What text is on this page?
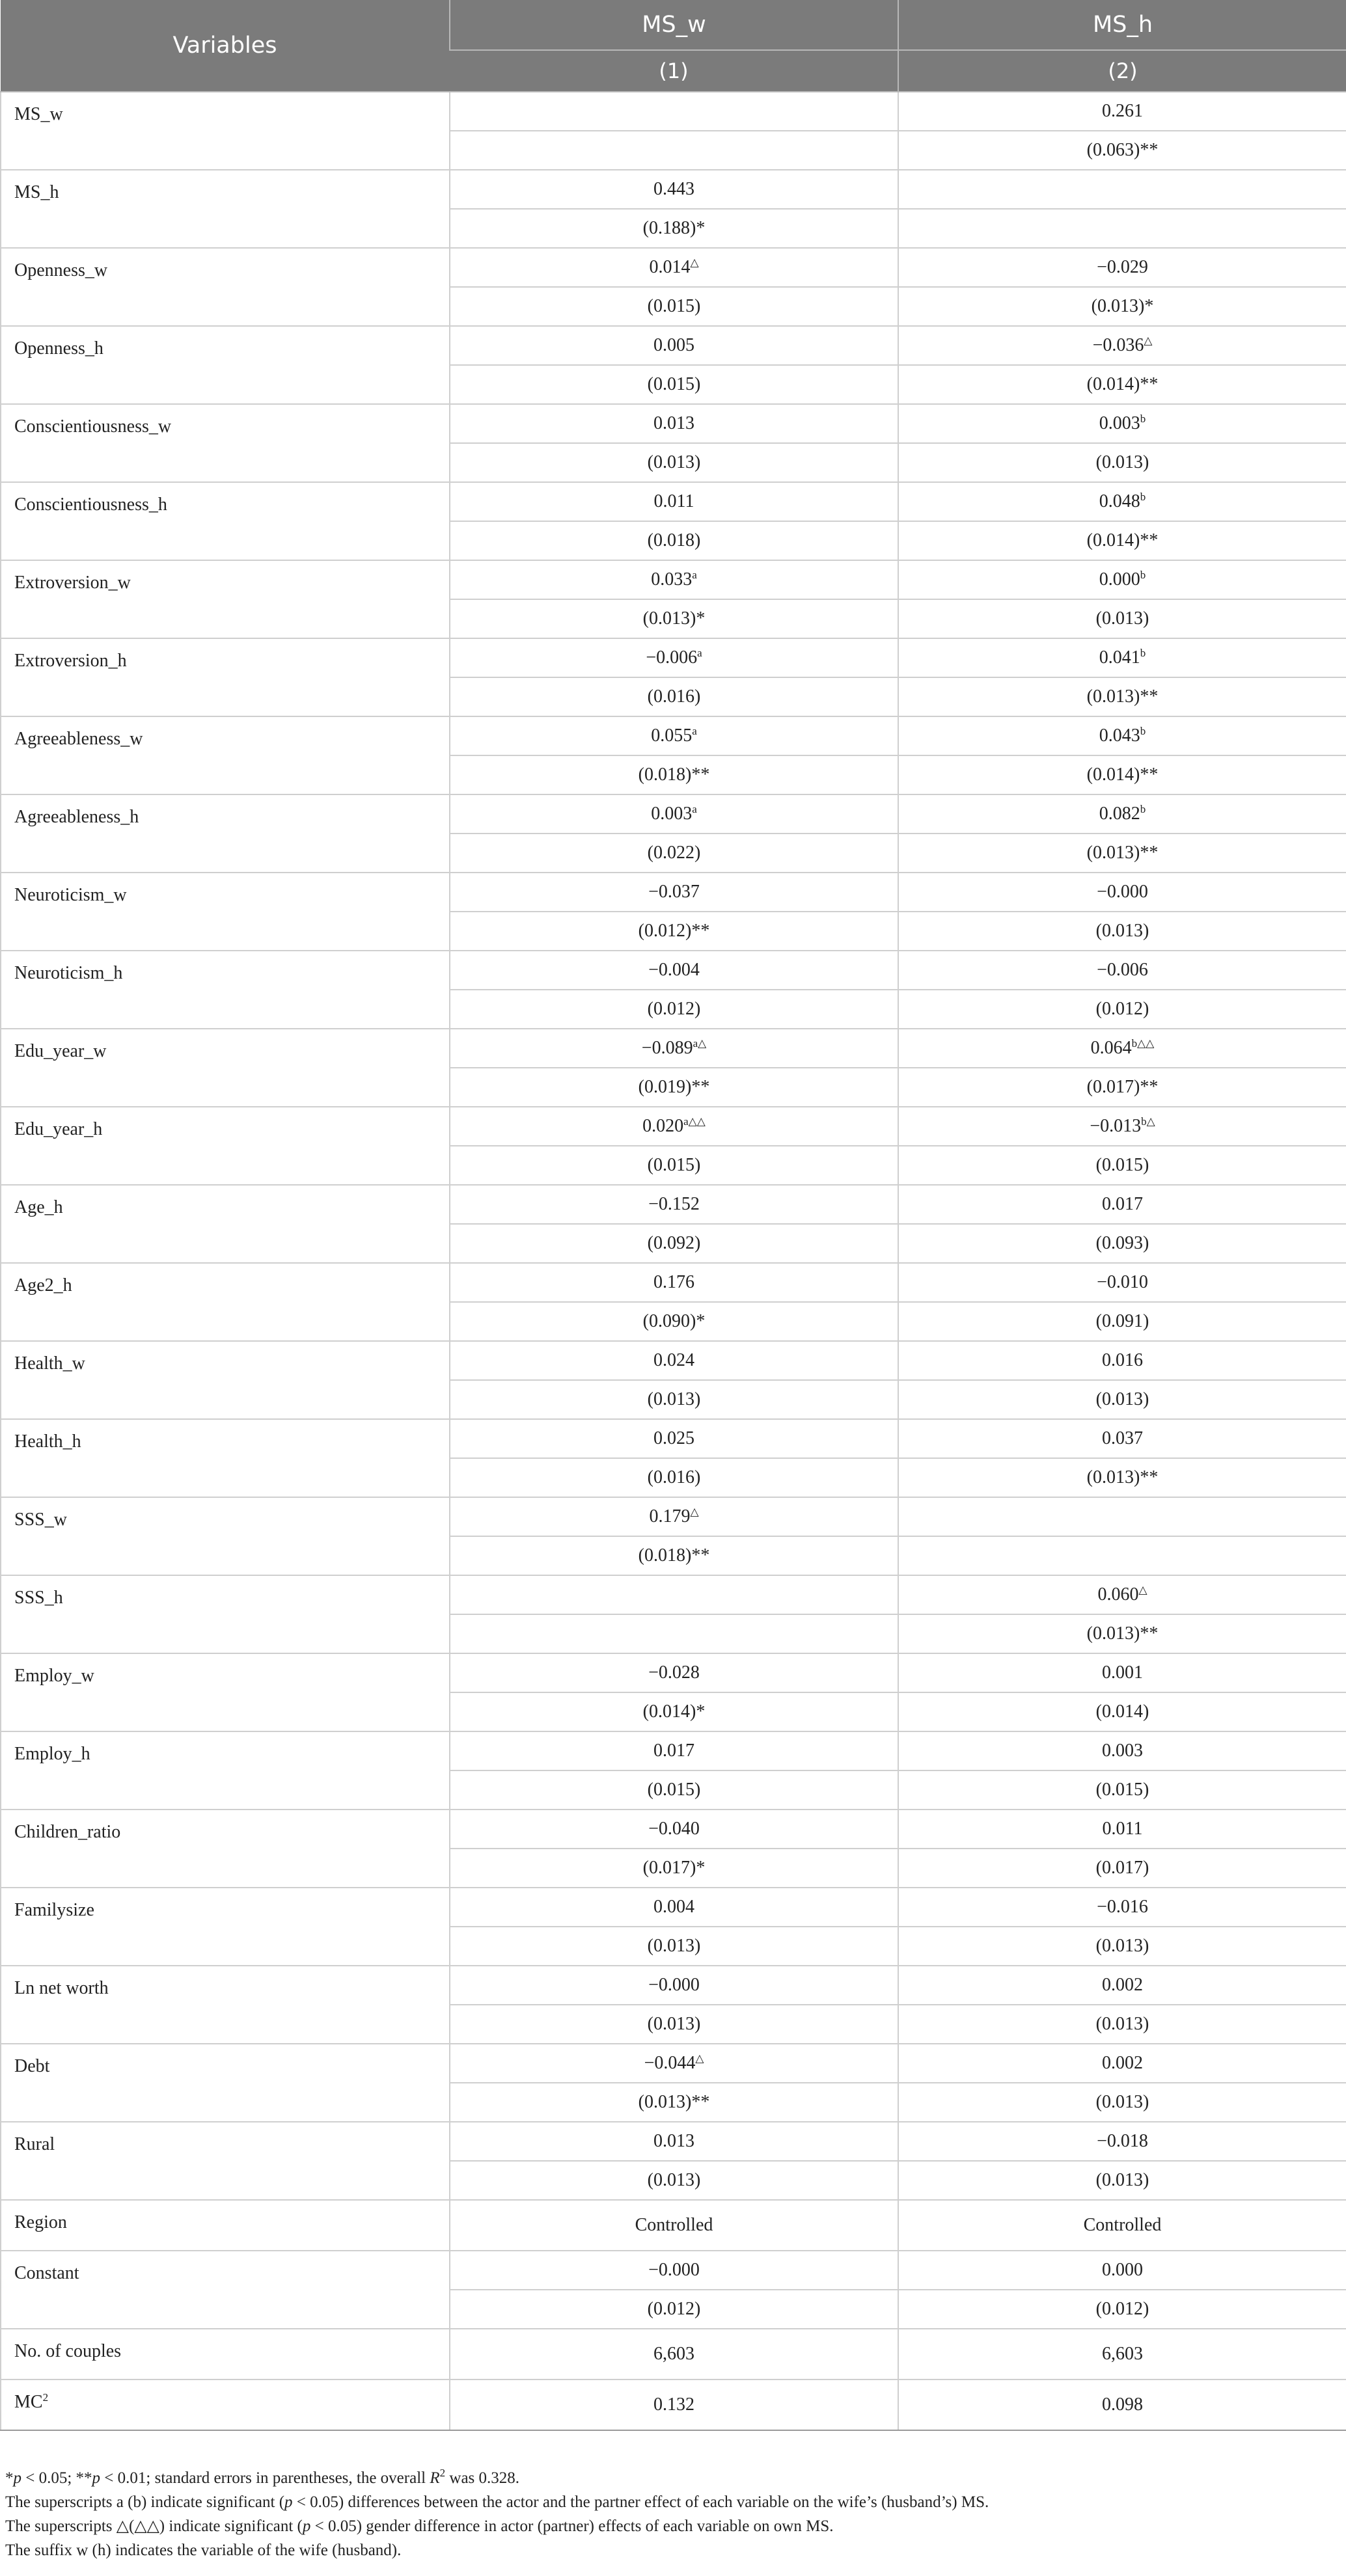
Variables	MS_w	MS_h
	(1)	(2)
MS_w		0.261
		(0.063)**
MS_h	0.443	
	(0.188)*	
Openness_w	0.014△	−0.029
	(0.015)	(0.013)*
Openness_h	0.005	−0.036△
	(0.015)	(0.014)**
Conscientiousness_w	0.013	0.003$^b$
	(0.013)	(0.013)
Conscientiousness_h	0.011	0.048$^b$
	(0.018)	(0.014)**
Extroversion_w	0.033$^a$	0.000$^b$
	(0.013)*	(0.013)
Extroversion_h	−0.006$^a$	0.041$^b$
	(0.016)	(0.013)**
Agreeableness_w	0.055$^a$	0.043$^b$
	(0.018)**	(0.014)**
Agreeableness_h	0.003$^a$	0.082$^b$
	(0.022)	(0.013)**
Neuroticism_w	−0.037	−0.000
	(0.012)**	(0.013)
Neuroticism_h	−0.004	−0.006
	(0.012)	(0.012)
Edu_year_w	$-0.089^{a\triangle}$	$0.064^{b\triangle\triangle}$
	(0.019)**	(0.017)**
Edu_year_h	$0.020^{a\triangle\triangle}$	$-0.013^{b\triangle}$
	(0.015)	(0.015)
Age_h	−0.152	0.017
	(0.092)	(0.093)
Age2_h	0.176	−0.010
	(0.090)*	(0.091)
Health_w	0.024	0.016
	(0.013)	(0.013)
Health_h	0.025	0.037
	(0.016)	(0.013)**
SSS_w	0.179△	
	(0.018)**	
SSS_h		0.060△
		(0.013)**
Employ_w	−0.028	0.001
	(0.014)*	(0.014)
Employ_h	0.017	0.003
	(0.015)	(0.015)
Children_ratio	−0.040	0.011
	(0.017)*	(0.017)
Familysize	0.004	−0.016
	(0.013)	(0.013)
Ln net worth	−0.000	0.002
	(0.013)	(0.013)
Debt	−0.044△	0.002
	(0.013)**	(0.013)
Rural	0.013	−0.018
	(0.013)	(0.013)
Region	Controlled	Controlled
Constant	−0.000	0.000
	(0.012)	(0.012)
No. of couples	6,603	6,603
$MC^2$	0.132	0.098

*p < 0.05; **p < 0.01; standard errors in parentheses, the overall $R^2$ was 0.328.

The superscripts a (b) indicate significant (p < 0.05) differences between the actor and the partner effect of each variable on the wife’s (husband’s) MS.

The superscripts △(△△) indicate significant (p < 0.05) gender difference in actor (partner) effects of each variable on own MS.

The suffix w (h) indicates the variable of the wife (husband).
